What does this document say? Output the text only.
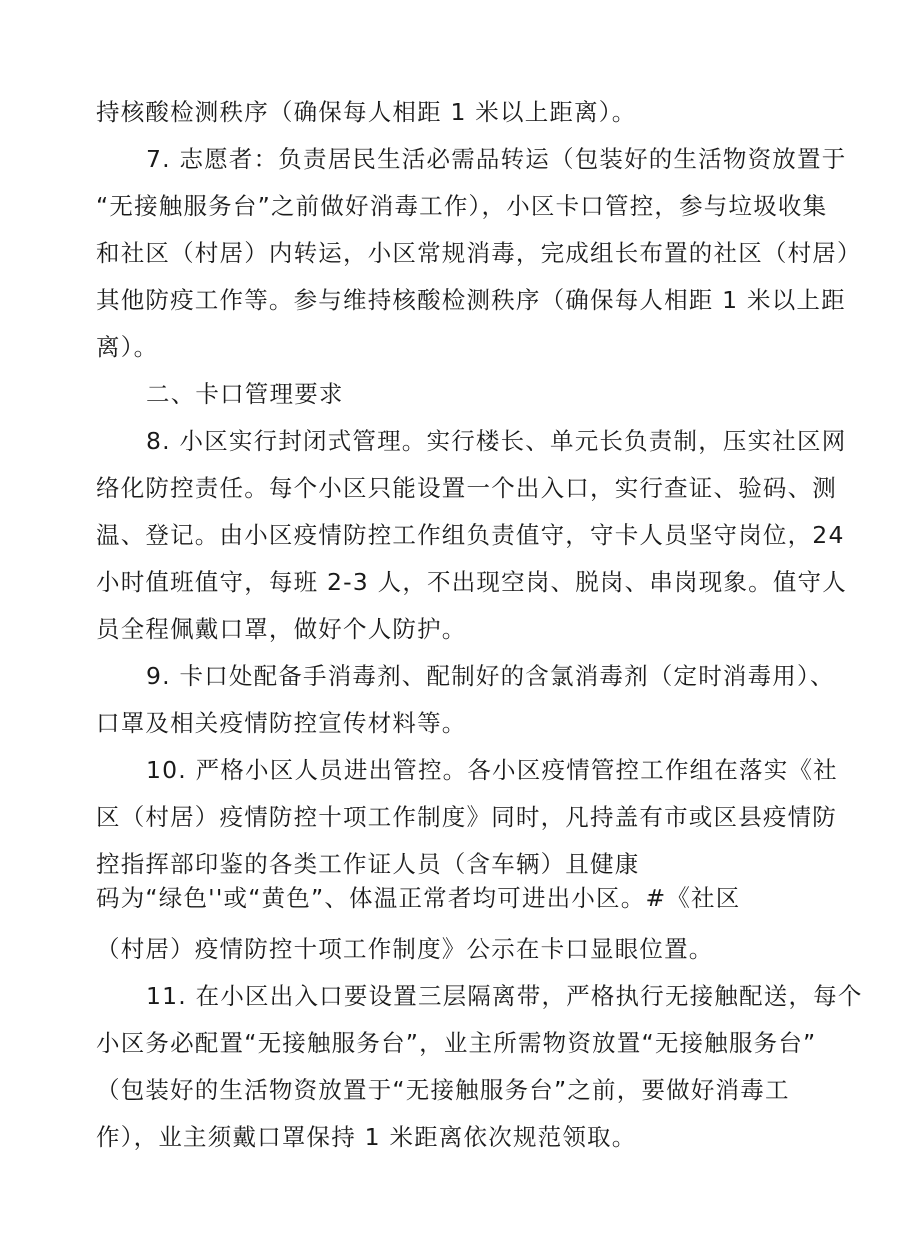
持核酸检测秩序（确保每人相距 1 米以上距离）。
7. 志愿者：负责居民生活必需品转运（包装好的生活物资放置于
“无接触服务台”之前做好消毒工作），小区卡口管控，参与垃圾收集
和社区（村居）内转运，小区常规消毒，完成组长布置的社区（村居）
其他防疫工作等。参与维持核酸检测秩序（确保每人相距 1 米以上距
离）。
二、卡口管理要求
8. 小区实行封闭式管理。实行楼长、单元长负责制，压实社区网
络化防控责任。每个小区只能设置一个出入口，实行查证、验码、测
温、登记。由小区疫情防控工作组负责值守，守卡人员坚守岗位，24
小时值班值守，每班 2-3 人，不出现空岗、脱岗、串岗现象。值守人
员全程佩戴口罩，做好个人防护。
9. 卡口处配备手消毒剂、配制好的含氯消毒剂（定时消毒用）、
口罩及相关疫情防控宣传材料等。
10. 严格小区人员进出管控。各小区疫情管控工作组在落实《社
区（村居）疫情防控十项工作制度》同时，凡持盖有市或区县疫情防
控指挥部印鉴的各类工作证人员（含车辆）且健康
码为“绿色''或“黄色”、体温正常者均可进出小区。#《社区
（村居）疫情防控十项工作制度》公示在卡口显眼位置。
11. 在小区出入口要设置三层隔离带，严格执行无接触配送，每个
小区务必配置“无接触服务台”，业主所需物资放置“无接触服务台”
（包装好的生活物资放置于“无接触服务台”之前，要做好消毒工
作），业主须戴口罩保持 1 米距离依次规范领取。
